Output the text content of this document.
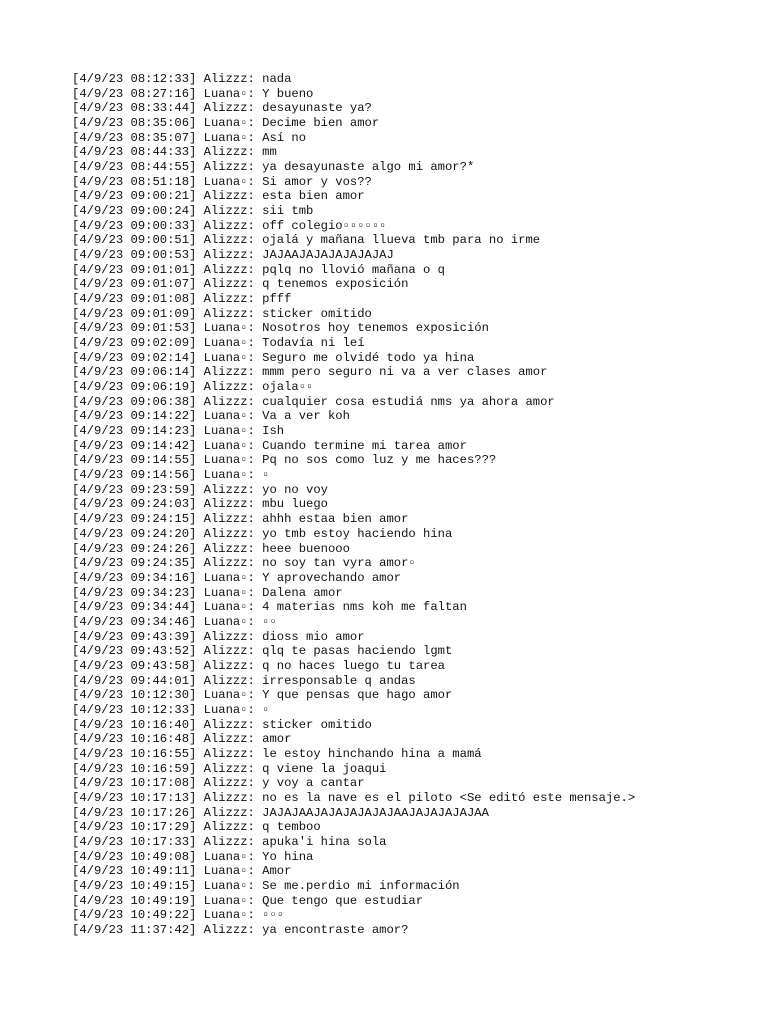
[4/9/23 08:12:33] Alizzz: nada
[4/9/23 08:27:16] Luana▫: Y bueno
[4/9/23 08:33:44] Alizzz: desayunaste ya?
[4/9/23 08:35:06] Luana▫: Decime bien amor
[4/9/23 08:35:07] Luana▫: Así no
[4/9/23 08:44:33] Alizzz: mm
[4/9/23 08:44:55] Alizzz: ya desayunaste algo mi amor?*
[4/9/23 08:51:18] Luana▫: Si amor y vos??
[4/9/23 09:00:21] Alizzz: esta bien amor
[4/9/23 09:00:24] Alizzz: sii tmb
[4/9/23 09:00:33] Alizzz: off colegio▫▫▫▫▫▫
[4/9/23 09:00:51] Alizzz: ojalá y mañana llueva tmb para no irme
[4/9/23 09:00:53] Alizzz: JAJAAJAJAJAJAJAJAJ
[4/9/23 09:01:01] Alizzz: pqlq no llovió mañana o q
[4/9/23 09:01:07] Alizzz: q tenemos exposición
[4/9/23 09:01:08] Alizzz: pfff
[4/9/23 09:01:09] Alizzz: sticker omitido
[4/9/23 09:01:53] Luana▫: Nosotros hoy tenemos exposición
[4/9/23 09:02:09] Luana▫: Todavía ni leí
[4/9/23 09:02:14] Luana▫: Seguro me olvidé todo ya hina
[4/9/23 09:06:14] Alizzz: mmm pero seguro ni va a ver clases amor
[4/9/23 09:06:19] Alizzz: ojala▫▫
[4/9/23 09:06:38] Alizzz: cualquier cosa estudiá nms ya ahora amor
[4/9/23 09:14:22] Luana▫: Va a ver koh
[4/9/23 09:14:23] Luana▫: Ish
[4/9/23 09:14:42] Luana▫: Cuando termine mi tarea amor
[4/9/23 09:14:55] Luana▫: Pq no sos como luz y me haces???
[4/9/23 09:14:56] Luana▫: ▫
[4/9/23 09:23:59] Alizzz: yo no voy
[4/9/23 09:24:03] Alizzz: mbu luego
[4/9/23 09:24:15] Alizzz: ahhh estaa bien amor
[4/9/23 09:24:20] Alizzz: yo tmb estoy haciendo hina
[4/9/23 09:24:26] Alizzz: heee buenooo
[4/9/23 09:24:35] Alizzz: no soy tan vyra amor▫
[4/9/23 09:34:16] Luana▫: Y aprovechando amor
[4/9/23 09:34:23] Luana▫: Dalena amor
[4/9/23 09:34:44] Luana▫: 4 materias nms koh me faltan
[4/9/23 09:34:46] Luana▫: ▫▫
[4/9/23 09:43:39] Alizzz: dioss mio amor
[4/9/23 09:43:52] Alizzz: qlq te pasas haciendo lgmt
[4/9/23 09:43:58] Alizzz: q no haces luego tu tarea
[4/9/23 09:44:01] Alizzz: irresponsable q andas
[4/9/23 10:12:30] Luana▫: Y que pensas que hago amor
[4/9/23 10:12:33] Luana▫: ▫
[4/9/23 10:16:40] Alizzz: sticker omitido
[4/9/23 10:16:48] Alizzz: amor
[4/9/23 10:16:55] Alizzz: le estoy hinchando hina a mamá
[4/9/23 10:16:59] Alizzz: q viene la joaqui
[4/9/23 10:17:08] Alizzz: y voy a cantar
[4/9/23 10:17:13] Alizzz: no es la nave es el piloto <Se editó este mensaje.>
[4/9/23 10:17:26] Alizzz: JAJAJAAJAJAJAJAJAJAAJAJAJAJAJAA
[4/9/23 10:17:29] Alizzz: q temboo
[4/9/23 10:17:33] Alizzz: apuka'i hina sola
[4/9/23 10:49:08] Luana▫: Yo hina
[4/9/23 10:49:11] Luana▫: Amor
[4/9/23 10:49:15] Luana▫: Se me.perdio mi información
[4/9/23 10:49:19] Luana▫: Que tengo que estudiar
[4/9/23 10:49:22] Luana▫: ▫▫▫
[4/9/23 11:37:42] Alizzz: ya encontraste amor?
